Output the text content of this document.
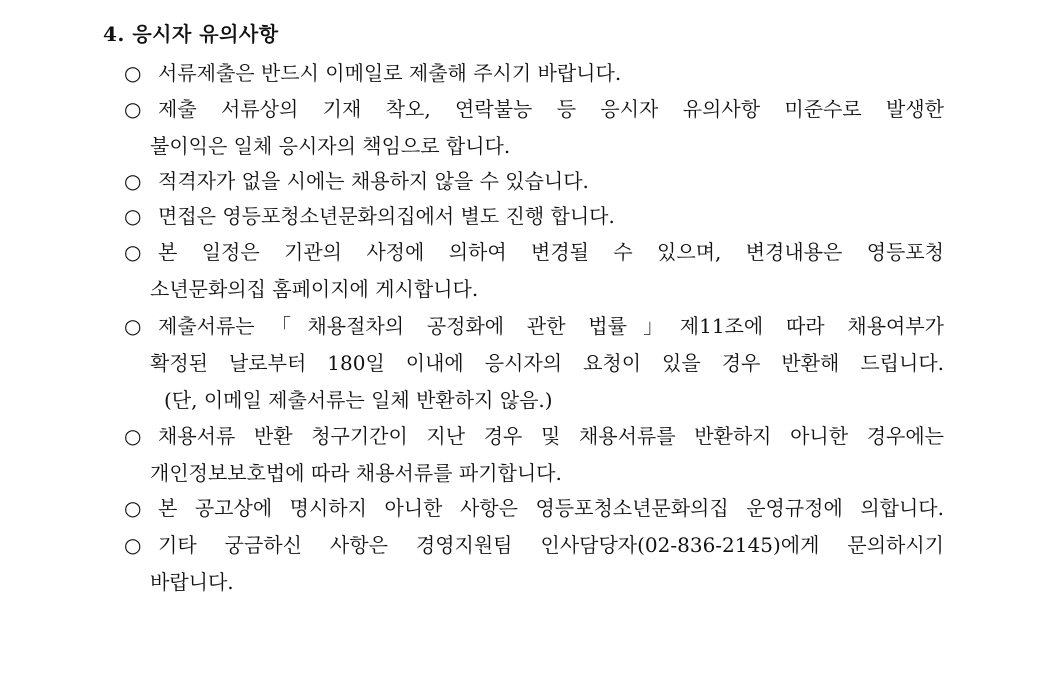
4. 응시자 유의사항
○ 서류제출은 반드시 이메일로 제출해 주시기 바랍니다.
○ 제출 서류상의 기재 착오, 연락불능 등 응시자 유의사항 미준수로 발생한
불이익은 일체 응시자의 책임으로 합니다.
○ 적격자가 없을 시에는 채용하지 않을 수 있습니다.
○ 면접은 영등포청소년문화의집에서 별도 진행 합니다.
○ 본 일정은 기관의 사정에 의하여 변경될 수 있으며, 변경내용은 영등포청
소년문화의집 홈페이지에 게시합니다.
○ 제출서류는「채용절차의 공정화에 관한 법률」제11조에 따라 채용여부가
확정된 날로부터 180일 이내에 응시자의 요청이 있을 경우 반환해 드립니다.
(단, 이메일 제출서류는 일체 반환하지 않음.)
○ 채용서류 반환 청구기간이 지난 경우 및 채용서류를 반환하지 아니한 경우에는
개인정보보호법에 따라 채용서류를 파기합니다.
○ 본 공고상에 명시하지 아니한 사항은 영등포청소년문화의집 운영규정에 의합니다.
○ 기타 궁금하신 사항은 경영지원팀 인사담당자(02-836-2145)에게 문의하시기
바랍니다.
